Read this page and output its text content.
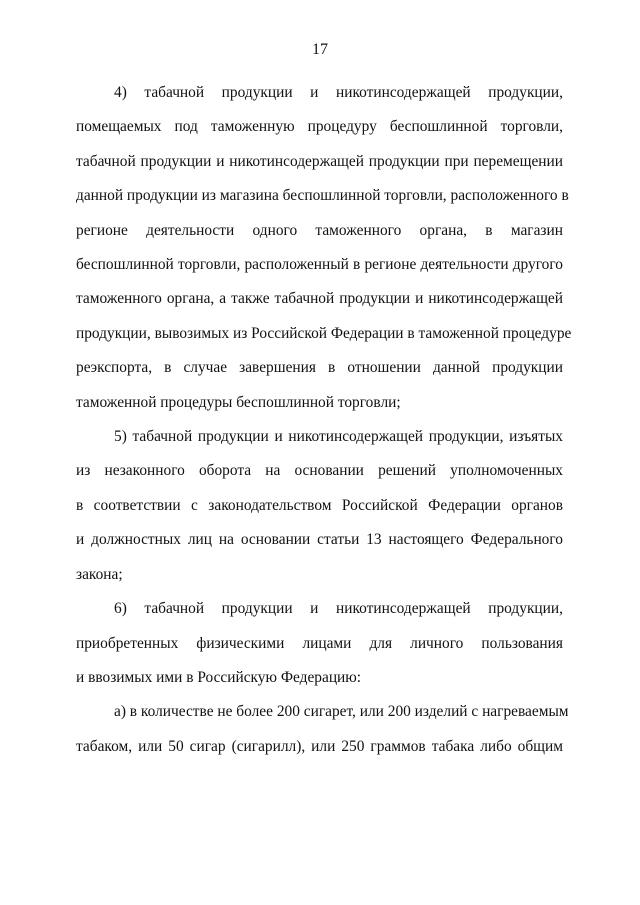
17
4) табачной продукции и никотинсодержащей продукции,
помещаемых под таможенную процедуру беспошлинной торговли,
табачной продукции и никотинсодержащей продукции при перемещении
данной продукции из магазина беспошлинной торговли, расположенного в
регионе деятельности одного таможенного органа, в магазин
беспошлинной торговли, расположенный в регионе деятельности другого
таможенного органа, а также табачной продукции и никотинсодержащей
продукции, вывозимых из Российской Федерации в таможенной процедуре
реэкспорта, в случае завершения в отношении данной продукции
таможенной процедуры беспошлинной торговли;
5) табачной продукции и никотинсодержащей продукции, изъятых
из незаконного оборота на основании решений уполномоченных
в соответствии с законодательством Российской Федерации органов
и должностных лиц на основании статьи 13 настоящего Федерального
закона;
6) табачной продукции и никотинсодержащей продукции,
приобретенных физическими лицами для личного пользования
и ввозимых ими в Российскую Федерацию:
а) в количестве не более 200 сигарет, или 200 изделий с нагреваемым
табаком, или 50 сигар (сигарилл), или 250 граммов табака либо общим
